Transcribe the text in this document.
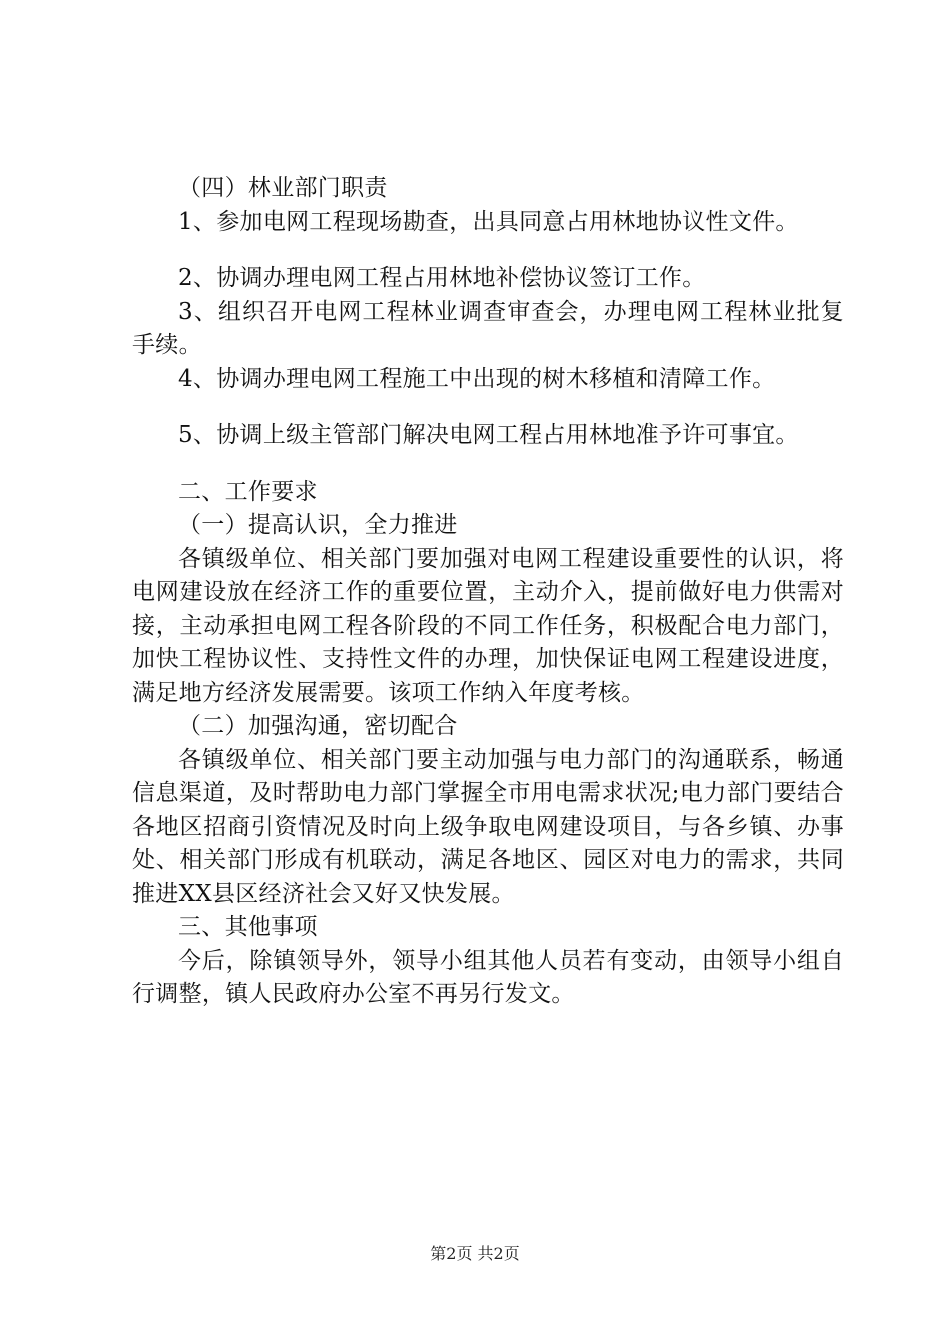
（四）林业部门职责

1、参加电网工程现场勘查，出具同意占用林地协议性文件。

2、协调办理电网工程占用林地补偿协议签订工作。

3、组织召开电网工程林业调查审查会，办理电网工程林业批复手续。

4、协调办理电网工程施工中出现的树木移植和清障工作。

5、协调上级主管部门解决电网工程占用林地准予许可事宜。

二、工作要求

（一）提高认识，全力推进

各镇级单位、相关部门要加强对电网工程建设重要性的认识，将电网建设放在经济工作的重要位置，主动介入，提前做好电力供需对接，主动承担电网工程各阶段的不同工作任务，积极配合电力部门，加快工程协议性、支持性文件的办理，加快保证电网工程建设进度，满足地方经济发展需要。该项工作纳入年度考核。

（二）加强沟通，密切配合

各镇级单位、相关部门要主动加强与电力部门的沟通联系，畅通信息渠道，及时帮助电力部门掌握全市用电需求状况;电力部门要结合各地区招商引资情况及时向上级争取电网建设项目，与各乡镇、办事处、相关部门形成有机联动，满足各地区、园区对电力的需求，共同推进XX县区经济社会又好又快发展。

三、其他事项

今后，除镇领导外，领导小组其他人员若有变动，由领导小组自行调整，镇人民政府办公室不再另行发文。

第2页 共2页
